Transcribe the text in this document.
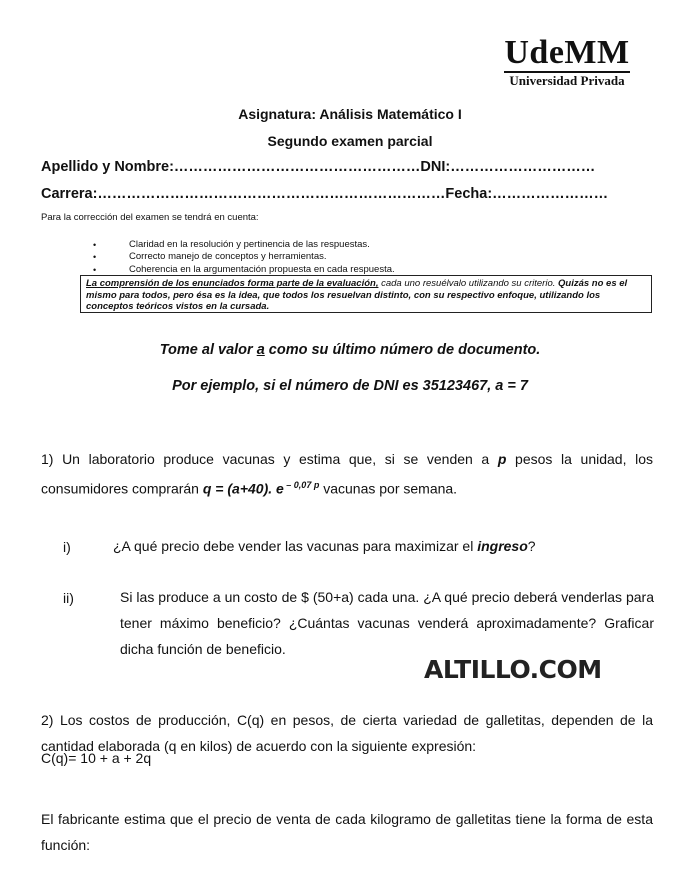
UdeMM
Universidad Privada
Asignatura: Análisis Matemático I
Segundo examen parcial
Apellido y Nombre:……………………………………………DNI:…………………………
Carrera:………………………………………………………………Fecha:……………………
Para la corrección del examen se tendrá en cuenta:
• Claridad en la resolución y pertinencia de las respuestas.
• Correcto manejo de conceptos y herramientas.
• Coherencia en la argumentación propuesta en cada respuesta.
La comprensión de los enunciados forma parte de la evaluación, cada uno resuélvalo utilizando su criterio. Quizás no es el mismo para todos, pero ésa es la idea, que todos los resuelvan distinto, con su respectivo enfoque, utilizando los conceptos teóricos vistos en la cursada.
Tome al valor a como su último número de documento.
Por ejemplo, si el número de DNI es 35123467, a = 7
1) Un laboratorio produce vacunas y estima que, si se venden a p pesos la unidad, los consumidores comprarán q = (a+40). e $^{- 0,07 p}$ vacunas por semana.
i)	¿A qué precio debe vender las vacunas para maximizar el ingreso?
ii)	Si las produce a un costo de $ (50+a) cada una. ¿A qué precio deberá venderlas para tener máximo beneficio? ¿Cuántas vacunas venderá aproximadamente? Graficar dicha función de beneficio.
ALTILLO.COM
2) Los costos de producción, C(q) en pesos, de cierta variedad de galletitas, dependen de la cantidad elaborada (q en kilos) de acuerdo con la siguiente expresión:
C(q)= 10 + a + 2q
El fabricante estima que el precio de venta de cada kilogramo de galletitas tiene la forma de esta función:
